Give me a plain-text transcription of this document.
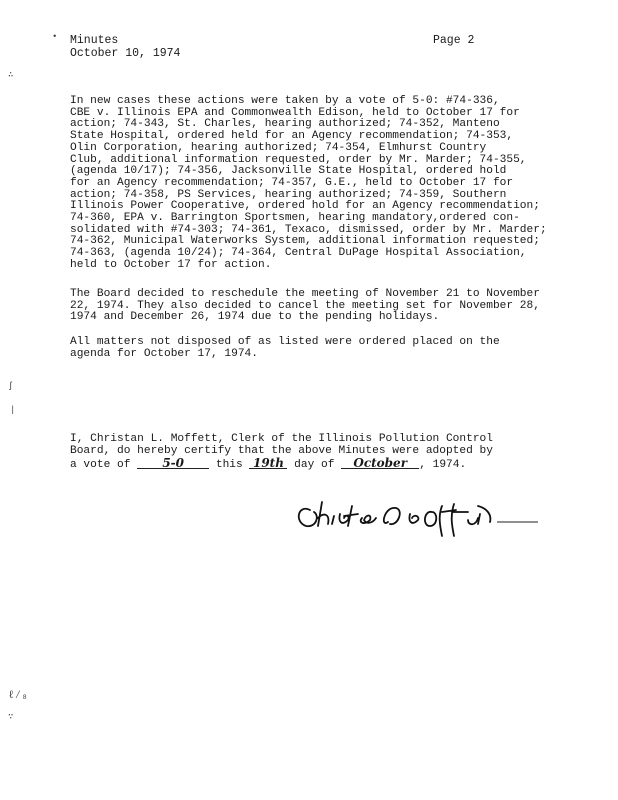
Minutes
October 10, 1974
Page 2
•
∴
ʃ
|
ℓ⁄₈
∵
In new cases these actions were taken by a vote of 5-0: #74-336,
CBE v. Illinois EPA and Commonwealth Edison, held to October 17 for
action; 74-343, St. Charles, hearing authorized; 74-352, Manteno
State Hospital, ordered held for an Agency recommendation; 74-353,
Olin Corporation, hearing authorized; 74-354, Elmhurst Country
Club, additional information requested, order by Mr. Marder; 74-355,
(agenda 10/17); 74-356, Jacksonville State Hospital, ordered hold
for an Agency recommendation; 74-357, G.E., held to October 17 for
action; 74-358, PS Services, hearing authorized; 74-359, Southern
Illinois Power Cooperative, ordered hold for an Agency recommendation;
74-360, EPA v. Barrington Sportsmen, hearing mandatory,ordered con-
solidated with #74-303; 74-361, Texaco, dismissed, order by Mr. Marder;
74-362, Municipal Waterworks System, additional information requested;
74-363, (agenda 10/24); 74-364, Central DuPage Hospital Association,
held to October 17 for action.
The Board decided to reschedule the meeting of November 21 to November
22, 1974. They also decided to cancel the meeting set for November 28,
1974 and December 26, 1974 due to the pending holidays.
All matters not disposed of as listed were ordered placed on the
agenda for October 17, 1974.
I, Christan L. Moffett, Clerk of the Illinois Pollution Control
Board, do hereby certify that the above Minutes were adopted by
a vote of	5-0	this 19th day of October , 1974.
Christan L. Moffett
